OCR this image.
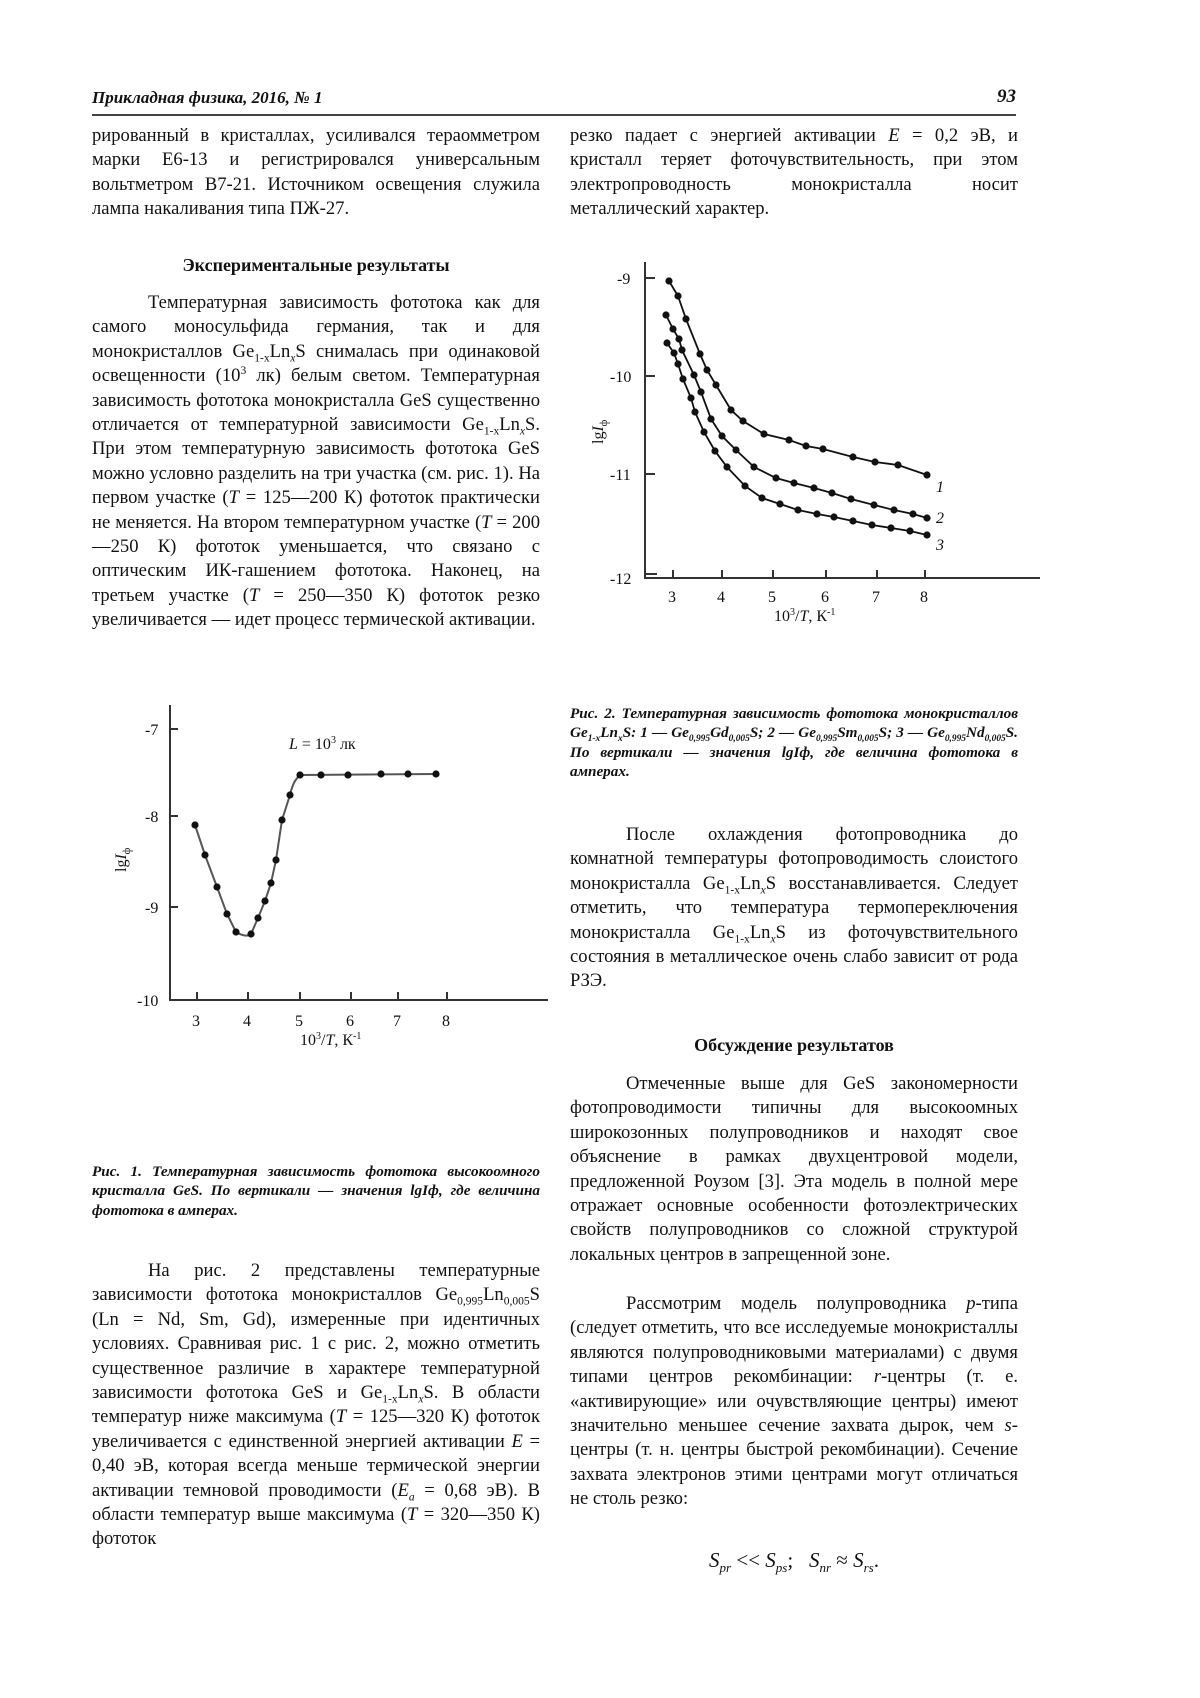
Прикладная физика, 2016, № 1	93

рированный в кристаллах, усиливался тераомметром марки Е6-13 и регистрировался универсальным вольтметром В7-21. Источником освещения служила лампа накаливания типа ПЖ-27.

Экспериментальные результаты

Температурная зависимость фототока как для самого моносульфида германия, так и для монокристаллов $Ge_{1-x}Ln_xS$ снималась при одинаковой освещенности ($10^3$ лк) белым светом. Температурная зависимость фототока монокристалла GeS существенно отличается от температурной зависимости $Ge_{1-x}Ln_xS$. При этом температурную зависимость фототока GeS можно условно разделить на три участка (см. рис. 1). На первом участке (T = 125—200 К) фототок практически не меняется. На втором температурном участке (T = 200—250 К) фототок уменьшается, что связано с оптическим ИК-гашением фототока. Наконец, на третьем участке (T = 250—350 К) фототок резко увеличивается — идет процесс термической активации.

-7
-8
-9
-10
3	4	5	6 7	8
$10^3/T$, $К^{-1}$
$L = 10^3$ лк
lgI$_ф$
Рис. 1. Температурная зависимость фототока высокоомного кристалла GeS. По вертикали — значения lgIф, где величина фототока в амперах.

На рис. 2 представлены температурные зависимости фототока монокристаллов $Ge_{0,995}Ln_{0,005}S$ (Ln = Nd, Sm, Gd), измеренные при идентичных условиях. Сравнивая рис. 1 с рис. 2, можно отметить существенное различие в характере температурной зависимости фототока GeS и $Ge_{1-x}Ln_xS$. В области температур ниже максимума (T = 125—320 К) фототок увеличивается с единственной энергией активации E = 0,40 эВ, которая всегда меньше термической энергии активации темновой проводимости ($E_a = 0,68$ эВ). В области температур выше максимума (T = 320—350 К) фототок

резко падает с энергией активации E = 0,2 эВ, и кристалл теряет фоточувствительность, при этом электропроводность монокристалла носит металлический характер.

-9
-10
-11
-12
3	4	5	6	7	8
$10^3/T$, $К^{-1}$
lgI$_ф$
1
2
3
Рис. 2. Температурная зависимость фототока монокристаллов $Ge_{1-x}Ln_xS$: 1 — $Ge_{0,995}Gd_{0,005}S$; 2 — $Ge_{0,995}Sm_{0,005}S$; 3 — $Ge_{0,995}Nd_{0,005}S$. По вертикали — значения lgIф, где величина фототока в амперах.

После охлаждения фотопроводника до комнатной температуры фотопроводимость слоистого монокристалла $Ge_{1-x}Ln_xS$ восстанавливается. Следует отметить, что температура термопереключения монокристалла $Ge_{1-x}Ln_xS$ из фоточувствительного состояния в металлическое очень слабо зависит от рода РЗЭ.

Обсуждение результатов

Отмеченные выше для GeS закономерности фотопроводимости типичны для высокоомных широкозонных полупроводников и находят свое объяснение в рамках двухцентровой модели, предложенной Роузом [3]. Эта модель в полной мере отражает основные особенности фотоэлектрических свойств полупроводников со сложной структурой локальных центров в запрещенной зоне.

Рассмотрим модель полупроводника p-типа (следует отметить, что все исследуемые монокристаллы являются полупроводниковыми материалами) с двумя типами центров рекомбинации: r-центры (т. е. «активирующие» или очувствляющие центры) имеют значительно меньшее сечение захвата дырок, чем s-центры (т. н. центры быстрой рекомбинации). Сечение захвата электронов этими центрами могут отличаться не столь резко:

$S_{pr} << S_{ps}$; $S_{nr} \approx S_{rs}$.
